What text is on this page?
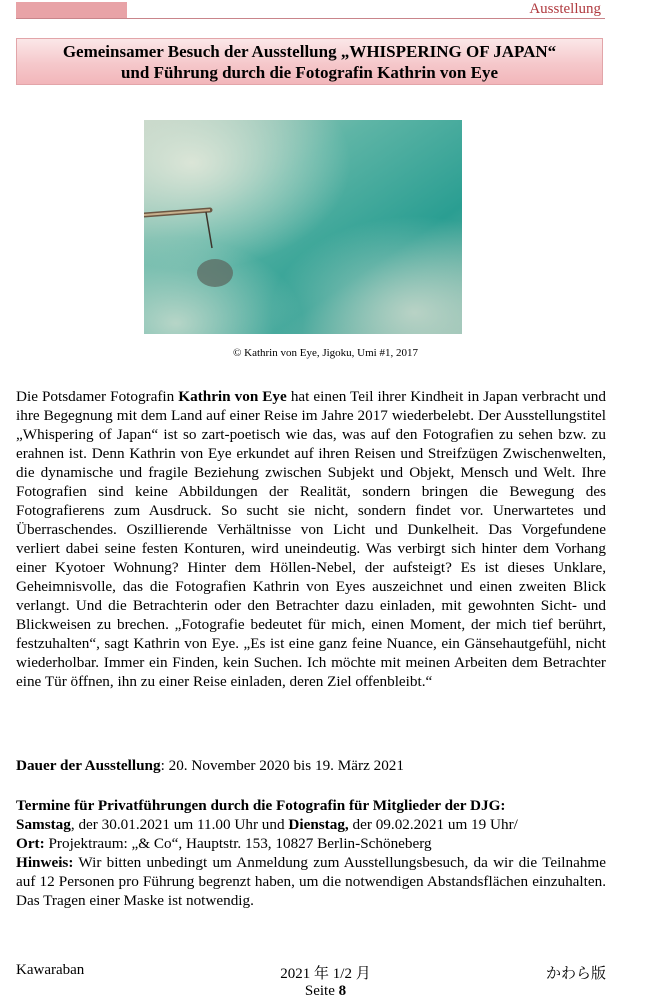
Ausstellung
Gemeinsamer Besuch der Ausstellung „WHISPERING OF JAPAN“
und Führung durch die Fotografin Kathrin von Eye
© Kathrin von Eye, Jigoku, Umi #1, 2017

Die Potsdamer Fotografin Kathrin von Eye hat einen Teil ihrer Kindheit in Japan verbracht und ihre Begegnung mit dem Land auf einer Reise im Jahre 2017 wiederbelebt. Der Ausstellungstitel „Whispering of Japan“ ist so zart-poetisch wie das, was auf den Fotografien zu sehen bzw. zu erahnen ist. Denn Kathrin von Eye erkundet auf ihren Reisen und Streifzügen Zwischenwelten, die dynamische und fragile Beziehung zwischen Subjekt und Objekt, Mensch und Welt. Ihre Fotografien sind keine Abbildungen der Realität, sondern bringen die Bewegung des Fotografierens zum Ausdruck. So sucht sie nicht, sondern findet vor. Unerwartetes und Überraschendes. Oszillierende Verhältnisse von Licht und Dunkelheit. Das Vorgefundene verliert dabei seine festen Konturen, wird uneindeutig. Was verbirgt sich hinter dem Vorhang einer Kyotoer Wohnung? Hinter dem Höllen-Nebel, der aufsteigt? Es ist dieses Unklare, Geheimnisvolle, das die Fotografien Kathrin von Eyes auszeichnet und einen zweiten Blick verlangt. Und die Betrachterin oder den Betrachter dazu einladen, mit gewohnten Sicht- und Blickweisen zu brechen. „Fotografie bedeutet für mich, einen Moment, der mich tief berührt, festzuhalten“, sagt Kathrin von Eye. „Es ist eine ganz feine Nuance, ein Gänsehautgefühl, nicht wiederholbar. Immer ein Finden, kein Suchen. Ich möchte mit meinen Arbeiten dem Betrachter eine Tür öffnen, ihn zu einer Reise einladen, deren Ziel offenbleibt.“

Dauer der Ausstellung: 20. November 2020 bis 19. März 2021

Termine für Privatführungen durch die Fotografin für Mitglieder der DJG:

Samstag, der 30.01.2021 um 11.00 Uhr und Dienstag, der 09.02.2021 um 19 Uhr/

Ort: Projektraum: „& Co“, Hauptstr. 153, 10827 Berlin-Schöneberg

Hinweis: Wir bitten unbedingt um Anmeldung zum Ausstellungsbesuch, da wir die Teilnahme auf 12 Personen pro Führung begrenzt haben, um die notwendigen Abstandsflächen einzuhalten. Das Tragen einer Maske ist notwendig.

Kawaraban	2021 年 1/2 月	かわら版
Seite 8
